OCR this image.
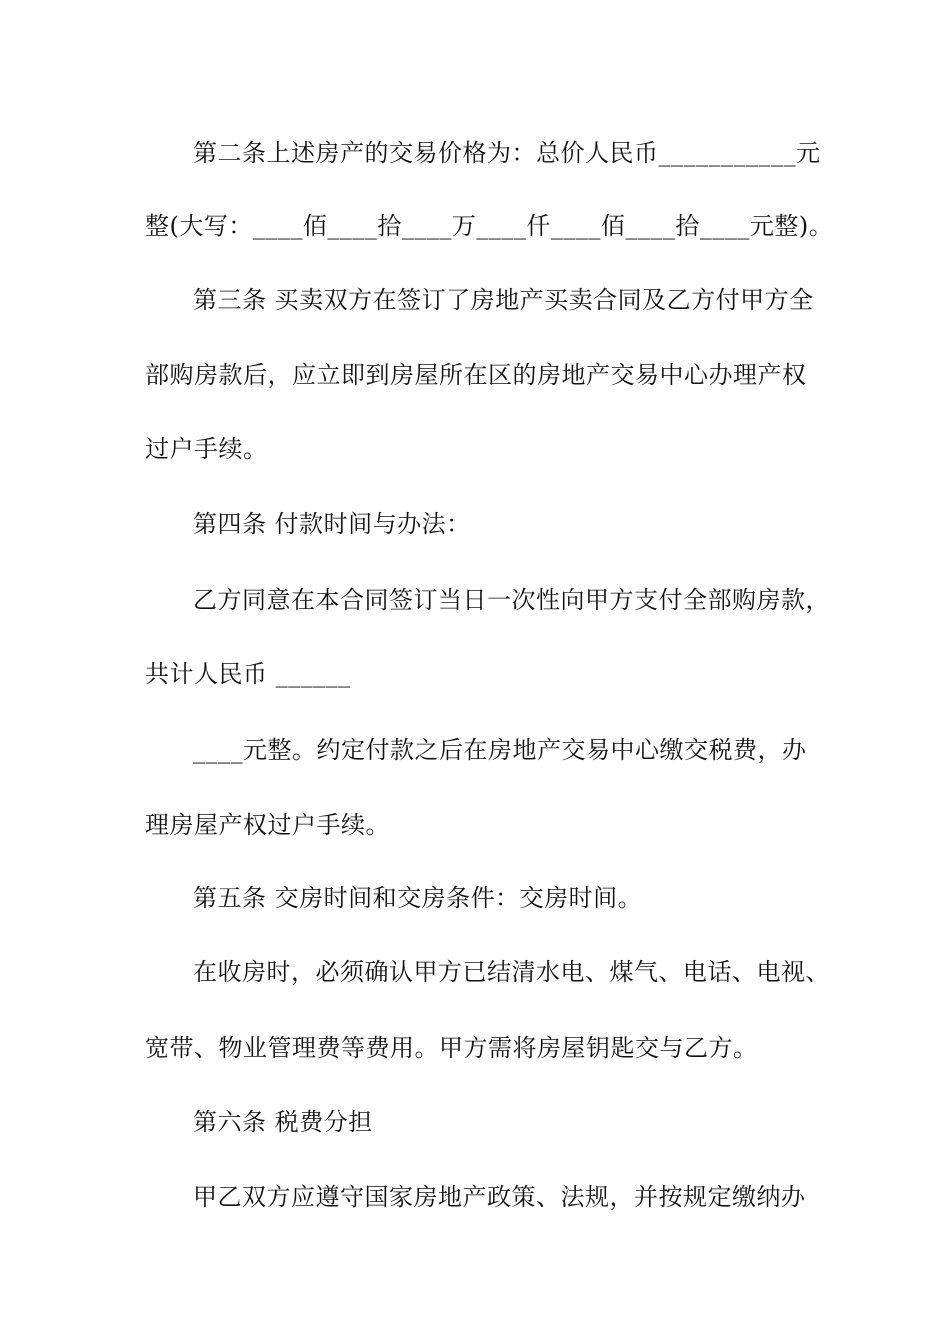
第二条上述房产的交易价格为：总价人民币___________元
整(大写：____佰____拾____万____仟____佰____拾____元整)。
第三条 买卖双方在签订了房地产买卖合同及乙方付甲方全
部购房款后，应立即到房屋所在区的房地产交易中心办理产权
过户手续。
第四条 付款时间与办法：
乙方同意在本合同签订当日一次性向甲方支付全部购房款，
共计人民币 ______
____元整。约定付款之后在房地产交易中心缴交税费，办
理房屋产权过户手续。
第五条 交房时间和交房条件：交房时间。
在收房时，必须确认甲方已结清水电、煤气、电话、电视、
宽带、物业管理费等费用。甲方需将房屋钥匙交与乙方。
第六条 税费分担
甲乙双方应遵守国家房地产政策、法规，并按规定缴纳办
